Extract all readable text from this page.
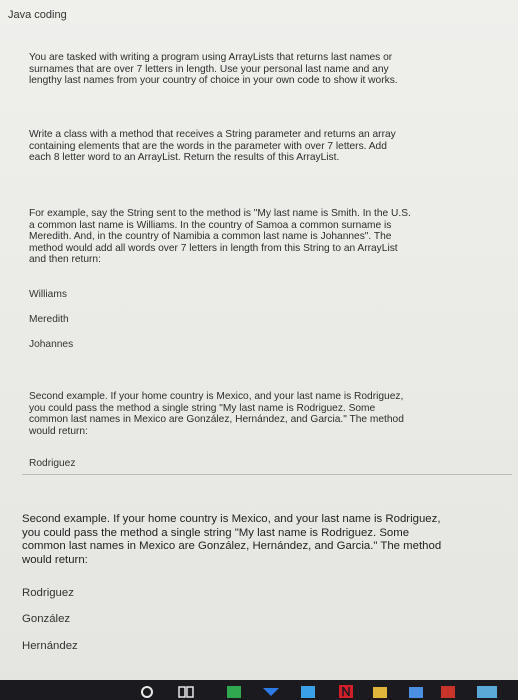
Java coding
You are tasked with writing a program using ArrayLists that returns last names or
surnames that are over 7 letters in length. Use your personal last name and any
lengthy last names from your country of choice in your own code to show it works.
Write a class with a method that receives a String parameter and returns an array
containing elements that are the words in the parameter with over 7 letters. Add
each 8 letter word to an ArrayList. Return the results of this ArrayList.
For example, say the String sent to the method is "My last name is Smith. In the U.S.
a common last name is Williams. In the country of Samoa a common surname is
Meredith. And, in the country of Namibia a common last name is Johannes". The
method would add all words over 7 letters in length from this String to an ArrayList
and then return:
Williams
Meredith
Johannes
Second example. If your home country is Mexico, and your last name is Rodriguez,
you could pass the method a single string "My last name is Rodriguez. Some
common last names in Mexico are González, Hernández, and Garcia." The method
would return:
Rodriguez
Second example. If your home country is Mexico, and your last name is Rodriguez,
you could pass the method a single string "My last name is Rodriguez. Some
common last names in Mexico are González, Hernández, and Garcia." The method
would return:
Rodriguez
González
Hernández
